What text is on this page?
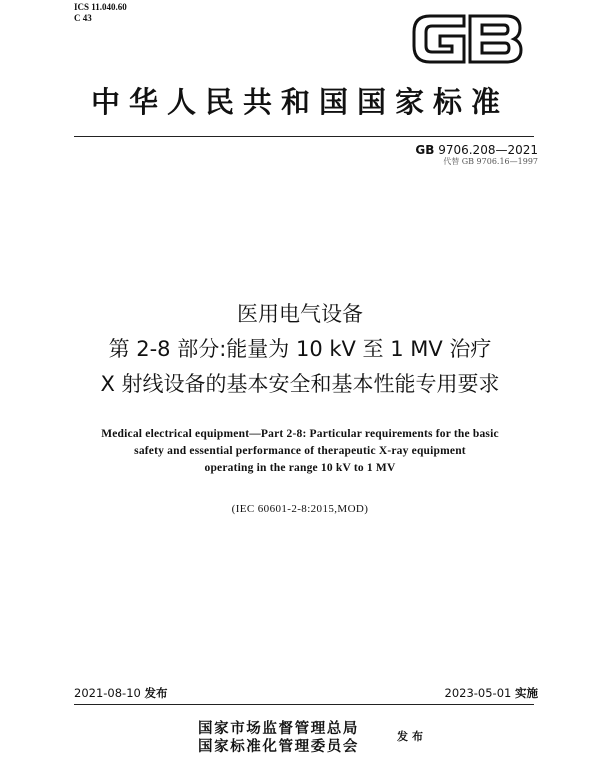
ICS 11.040.60
C 43
中华人民共和国国家标准
GB 9706.208—2021
代替 GB 9706.16—1997
医用电气设备
第 2-8 部分:能量为 10 kV 至 1 MV 治疗
X 射线设备的基本安全和基本性能专用要求
Medical electrical equipment—Part 2-8: Particular requirements for the basic
safety and essential performance of therapeutic X-ray equipment
operating in the range 10 kV to 1 MV
(IEC 60601-2-8:2015,MOD)
2021-08-10 发布	2023-05-01 实施
国家市场监督管理总局
国家标准化管理委员会
发布
